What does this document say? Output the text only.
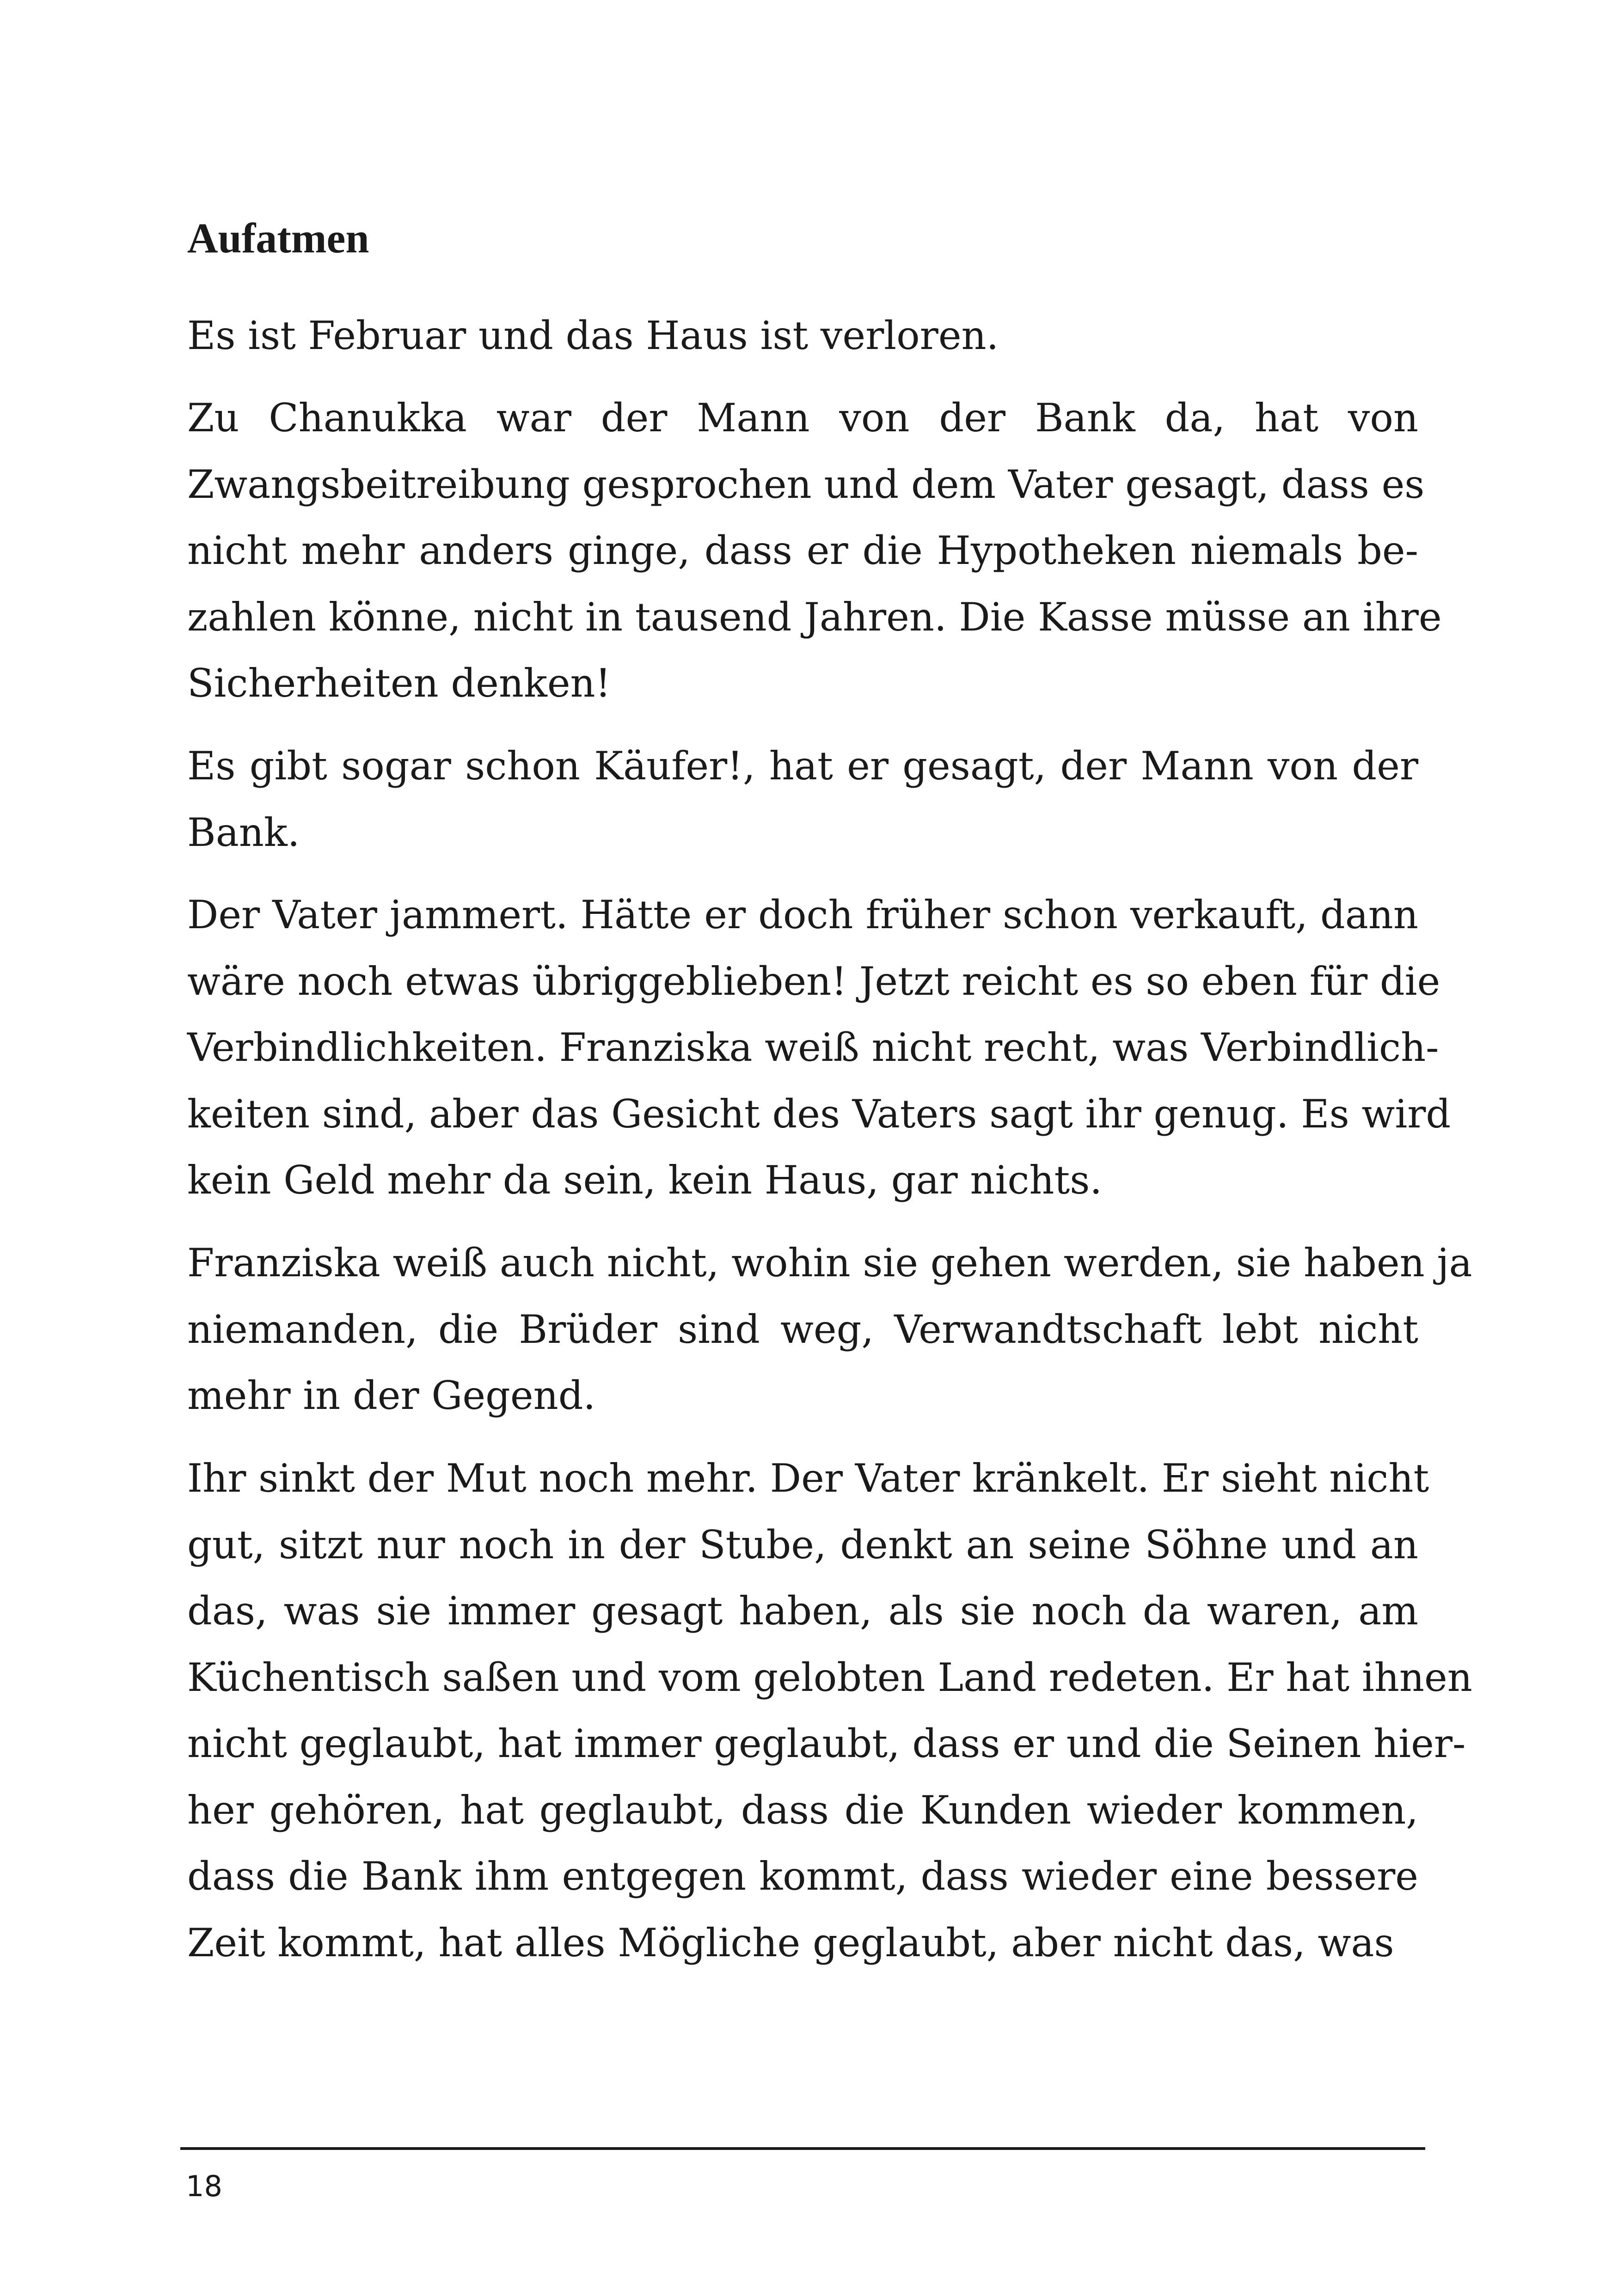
Aufatmen

Es ist Februar und das Haus ist verloren.

Zu Chanukka war der Mann von der Bank da, hat von
Zwangsbeitreibung gesprochen und dem Vater gesagt, dass es
nicht mehr anders ginge, dass er die Hypotheken niemals be-
zahlen könne, nicht in tausend Jahren. Die Kasse müsse an ihre
Sicherheiten denken!

Es gibt sogar schon Käufer!, hat er gesagt, der Mann von der
Bank.

Der Vater jammert. Hätte er doch früher schon verkauft, dann
wäre noch etwas übriggeblieben! Jetzt reicht es so eben für die
Verbindlichkeiten. Franziska weiß nicht recht, was Verbindlich-
keiten sind, aber das Gesicht des Vaters sagt ihr genug. Es wird
kein Geld mehr da sein, kein Haus, gar nichts.

Franziska weiß auch nicht, wohin sie gehen werden, sie haben ja
niemanden, die Brüder sind weg, Verwandtschaft lebt nicht
mehr in der Gegend.

Ihr sinkt der Mut noch mehr. Der Vater kränkelt. Er sieht nicht
gut, sitzt nur noch in der Stube, denkt an seine Söhne und an
das, was sie immer gesagt haben, als sie noch da waren, am
Küchentisch saßen und vom gelobten Land redeten. Er hat ihnen
nicht geglaubt, hat immer geglaubt, dass er und die Seinen hier-
her gehören, hat geglaubt, dass die Kunden wieder kommen,
dass die Bank ihm entgegen kommt, dass wieder eine bessere
Zeit kommt, hat alles Mögliche geglaubt, aber nicht das, was

18
